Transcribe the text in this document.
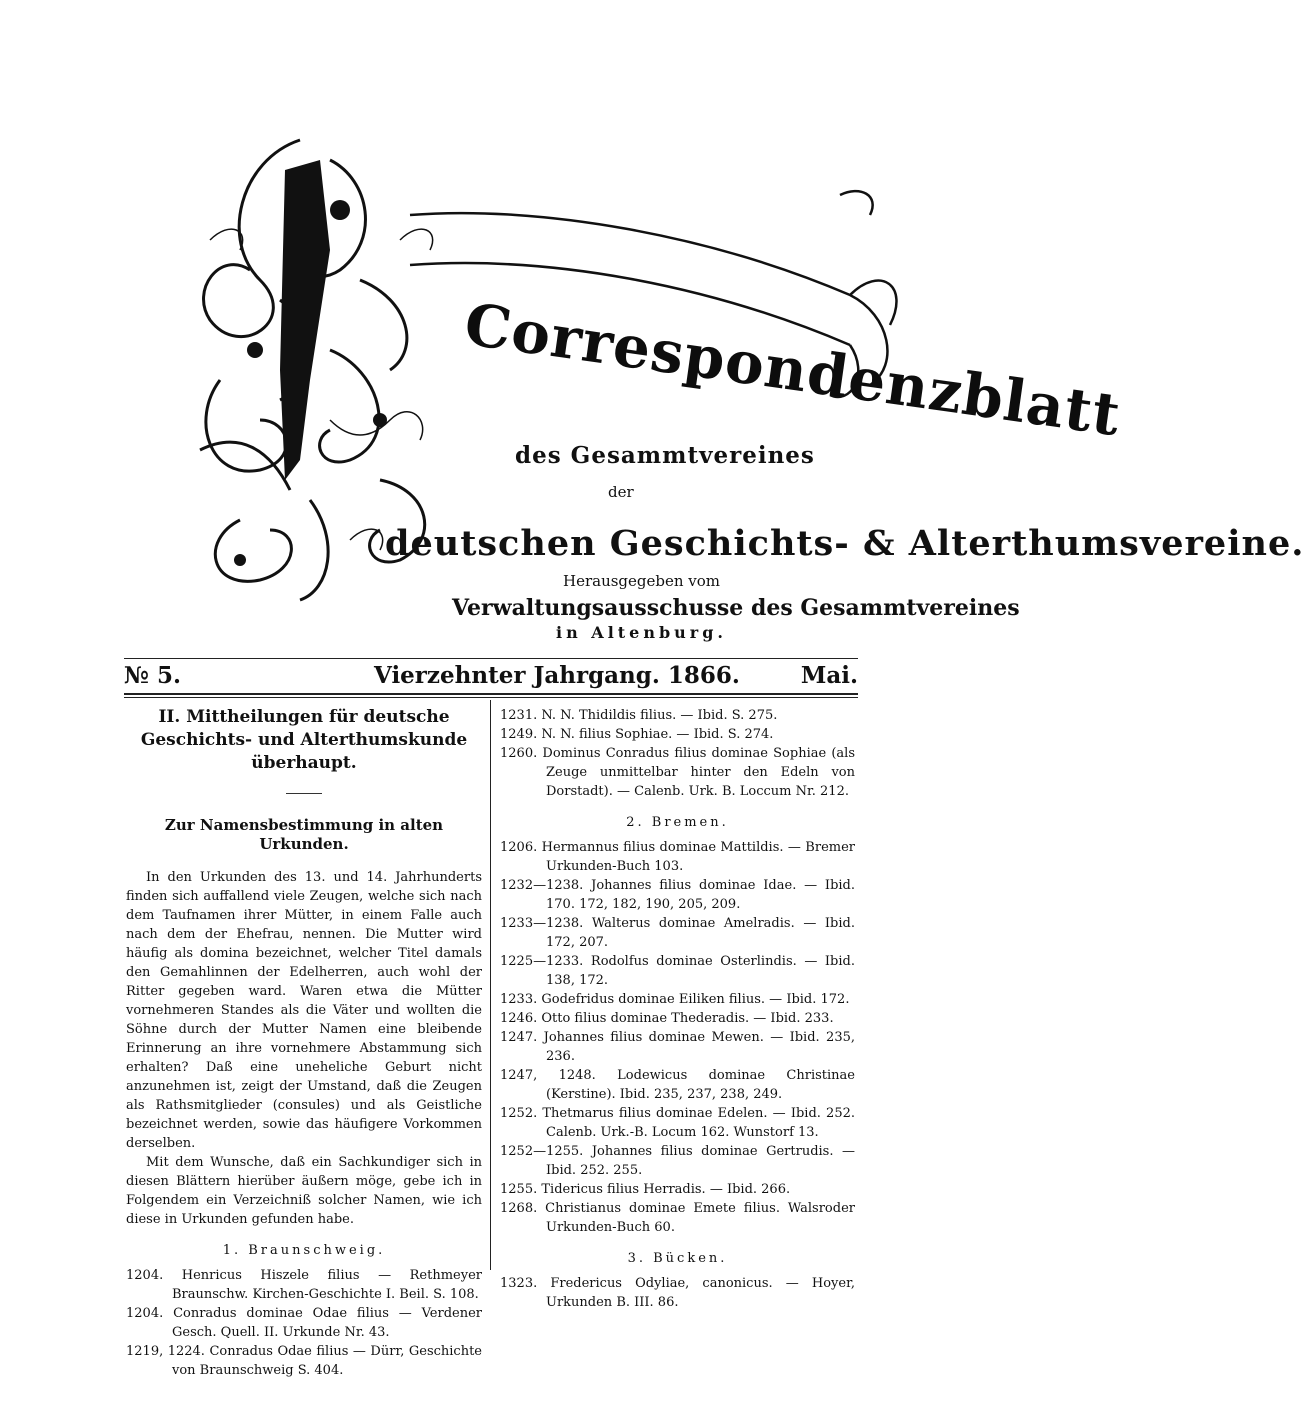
Correspondenzblatt
des Gesammtvereines
der
deutschen Geschichts- & Alterthumsvereine.
Herausgegeben vom
Verwaltungsausschusse des Gesammtvereines
in Altenburg.
№ 5.	Vierzehnter Jahrgang. 1866.	Mai.

II. Mittheilungen für deutsche Geschichts- und Alterthumskunde überhaupt.

Zur Namensbestimmung in alten Urkunden.

In den Urkunden des 13. und 14. Jahrhunderts finden sich auffallend viele Zeugen, welche sich nach dem Taufnamen ihrer Mütter, in einem Falle auch nach dem der Ehefrau, nennen. Die Mutter wird häufig als domina bezeichnet, welcher Titel damals den Gemahlinnen der Edelherren, auch wohl der Ritter gegeben ward. Waren etwa die Mütter vornehmeren Standes als die Väter und wollten die Söhne durch der Mutter Namen eine bleibende Erinnerung an ihre vornehmere Abstammung sich erhalten? Daß eine uneheliche Geburt nicht anzunehmen ist, zeigt der Umstand, daß die Zeugen als Rathsmitglieder (consules) und als Geistliche bezeichnet werden, sowie das häufigere Vorkommen derselben.

Mit dem Wunsche, daß ein Sachkundiger sich in diesen Blättern hierüber äußern möge, gebe ich in Folgendem ein Verzeichniß solcher Namen, wie ich diese in Urkunden gefunden habe.

1. Braunschweig.

1204. Henricus Hiszele filius — Rethmeyer Braunschw. Kirchen-Geschichte I. Beil. S. 108.
1204. Conradus dominae Odae filius — Verdener Gesch. Quell. II. Urkunde Nr. 43.
1219, 1224. Conradus Odae filius — Dürr, Geschichte von Braunschweig S. 404.
1231. N. N. Thidildis filius. — Ibid. S. 275.
1249. N. N. filius Sophiae. — Ibid. S. 274.
1260. Dominus Conradus filius dominae Sophiae (als Zeuge unmittelbar hinter den Edeln von Dorstadt). — Calenb. Urk. B. Loccum Nr. 212.

2. Bremen.

1206. Hermannus filius dominae Mattildis. — Bremer Urkunden-Buch 103.
1232—1238. Johannes filius dominae Idae. — Ibid. 170. 172, 182, 190, 205, 209.
1233—1238. Walterus dominae Amelradis. — Ibid. 172, 207.
1225—1233. Rodolfus dominae Osterlindis. — Ibid. 138, 172.
1233. Godefridus dominae Eiliken filius. — Ibid. 172.
1246. Otto filius dominae Thederadis. — Ibid. 233.
1247. Johannes filius dominae Mewen. — Ibid. 235, 236.
1247, 1248. Lodewicus dominae Christinae (Kerstine). Ibid. 235, 237, 238, 249.
1252. Thetmarus filius dominae Edelen. — Ibid. 252. Calenb. Urk.-B. Locum 162. Wunstorf 13.
1252—1255. Johannes filius dominae Gertrudis. — Ibid. 252. 255.
1255. Tidericus filius Herradis. — Ibid. 266.
1268. Christianus dominae Emete filius. Walsroder Urkunden-Buch 60.

3. Bücken.

1323. Fredericus Odyliae, canonicus. — Hoyer, Urkunden B. III. 86.
